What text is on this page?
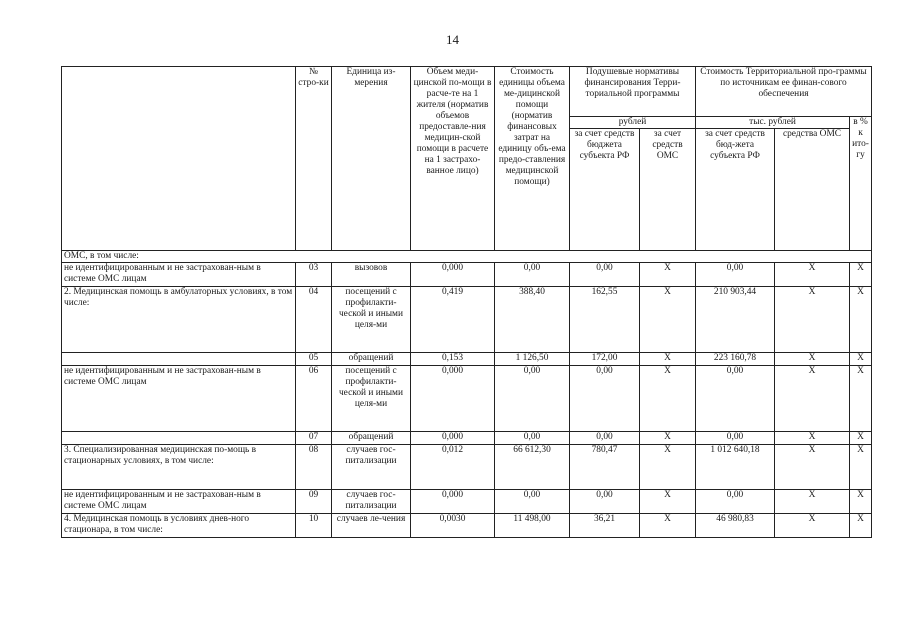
14
	№ стро-ки	Единица из-мерения	Объем меди-цинской по-мощи в расче-те на 1 жителя (норматив объемов предоставле-ния медицин-ской помощи в расчете на 1 застрахо-ванное лицо)	Стоимость единицы объема ме-дицинской помощи (норматив финансовых затрат на единицу объ-ема предо-ставления медицинской помощи)	Подушевые нормативы финансирования Терри-ториальной программы		Стоимость Территориальной про-граммы по источникам ее финан-сового обеспечения		
					рублей		тыс. рублей		в % к ито-гу
					за счет средств бюджета субъекта РФ	за счет средств ОМС	за счет средств бюд-жета субъекта РФ	средства ОМС	
ОМС, в том числе:									
не идентифицированным и не застрахован-ным в системе ОМС лицам	03	вызовов	0,000	0,00	0,00	Х	0,00	Х	Х
2. Медицинская помощь в амбулаторных условиях, в том числе:	04	посещений с профилакти-ческой и иными целя-ми	0,419	388,40	162,55	Х	210 903,44	Х	Х
	05	обращений	0,153	1 126,50	172,00	Х	223 160,78	Х	Х
не идентифицированным и не застрахован-ным в системе ОМС лицам	06	посещений с профилакти-ческой и иными целя-ми	0,000	0,00	0,00	Х	0,00	Х	Х
	07	обращений	0,000	0,00	0,00	Х	0,00	Х	Х
3. Специализированная медицинская по-мощь в стационарных условиях, в том числе:	08	случаев гос-питализации	0,012	66 612,30	780,47	Х	1 012 640,18	Х	Х
не идентифицированным и не застрахован-ным в системе ОМС лицам	09	случаев гос-питализации	0,000	0,00	0,00	Х	0,00	Х	Х
4. Медицинская помощь в условиях днев-ного стационара, в том числе:	10	случаев ле-чения	0,0030	11 498,00	36,21	Х	46 980,83	Х	Х
